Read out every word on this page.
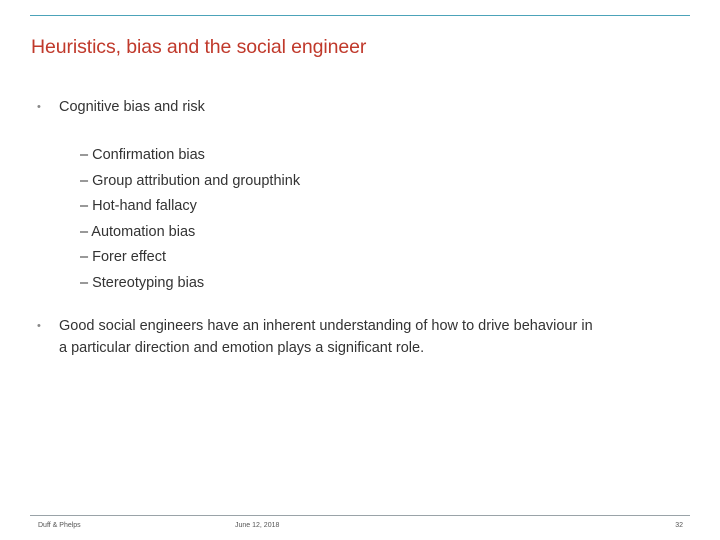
Heuristics, bias and the social engineer
•	Cognitive bias and risk
– Confirmation bias
– Group attribution and groupthink
– Hot-hand fallacy
– Automation bias
– Forer effect
– Stereotyping bias
•	Good social engineers have an inherent understanding of how to drive behaviour in a particular direction and emotion plays a significant role.
Duff & Phelps	June 12, 2018	32
